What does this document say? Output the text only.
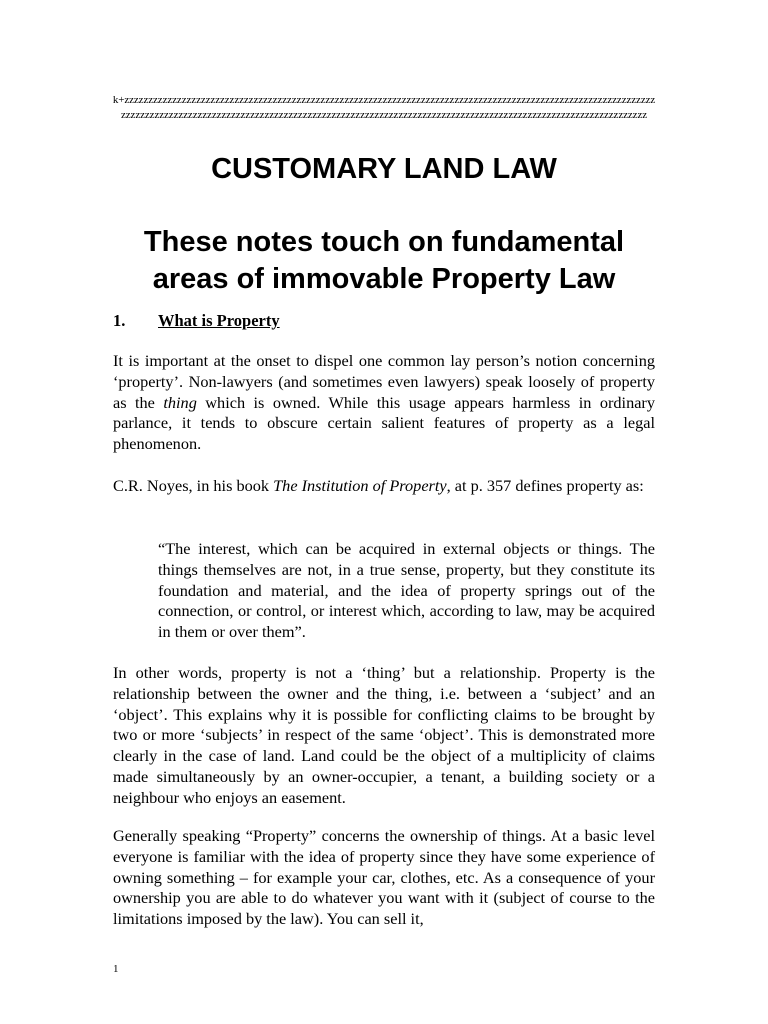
k+zzzzzzzzzzzzzzzzzzzzzzzzzzzzzzzzzzzzzzzzzzzzzzzzzzzzzzzzzzzzzzzzzzzzzzzzzzzzzzzzzzzzzzzzzzzzzzzzzzzzzzzzzzzzzzzzzzzzzzzzzzzzzzzzzzzzzzzzzzzzzzzzzzzzzzzzzzzzzzzzzzzzzzzzzzzzzzzzzzzzzzzzzzzzzzzzzzzzzzzzzzzzzzzzzzzzzzzzzzzzz
CUSTOMARY LAND LAW
These notes touch on fundamental areas of immovable Property Law
1. What is Property

It is important at the onset to dispel one common lay person’s notion concerning ‘property’. Non-lawyers (and sometimes even lawyers) speak loosely of property as the thing which is owned. While this usage appears harmless in ordinary parlance, it tends to obscure certain salient features of property as a legal phenomenon.

C.R. Noyes, in his book The Institution of Property, at p. 357 defines property as:

“The interest, which can be acquired in external objects or things. The things themselves are not, in a true sense, property, but they constitute its foundation and material, and the idea of property springs out of the connection, or control, or interest which, according to law, may be acquired in them or over them”.

In other words, property is not a ‘thing’ but a relationship. Property is the relationship between the owner and the thing, i.e. between a ‘subject’ and an ‘object’. This explains why it is possible for conflicting claims to be brought by two or more ‘subjects’ in respect of the same ‘object’. This is demonstrated more clearly in the case of land. Land could be the object of a multiplicity of claims made simultaneously by an owner-occupier, a tenant, a building society or a neighbour who enjoys an easement.

Generally speaking “Property” concerns the ownership of things. At a basic level everyone is familiar with the idea of property since they have some experience of owning something – for example your car, clothes, etc. As a consequence of your ownership you are able to do whatever you want with it (subject of course to the limitations imposed by the law). You can sell it,

1
